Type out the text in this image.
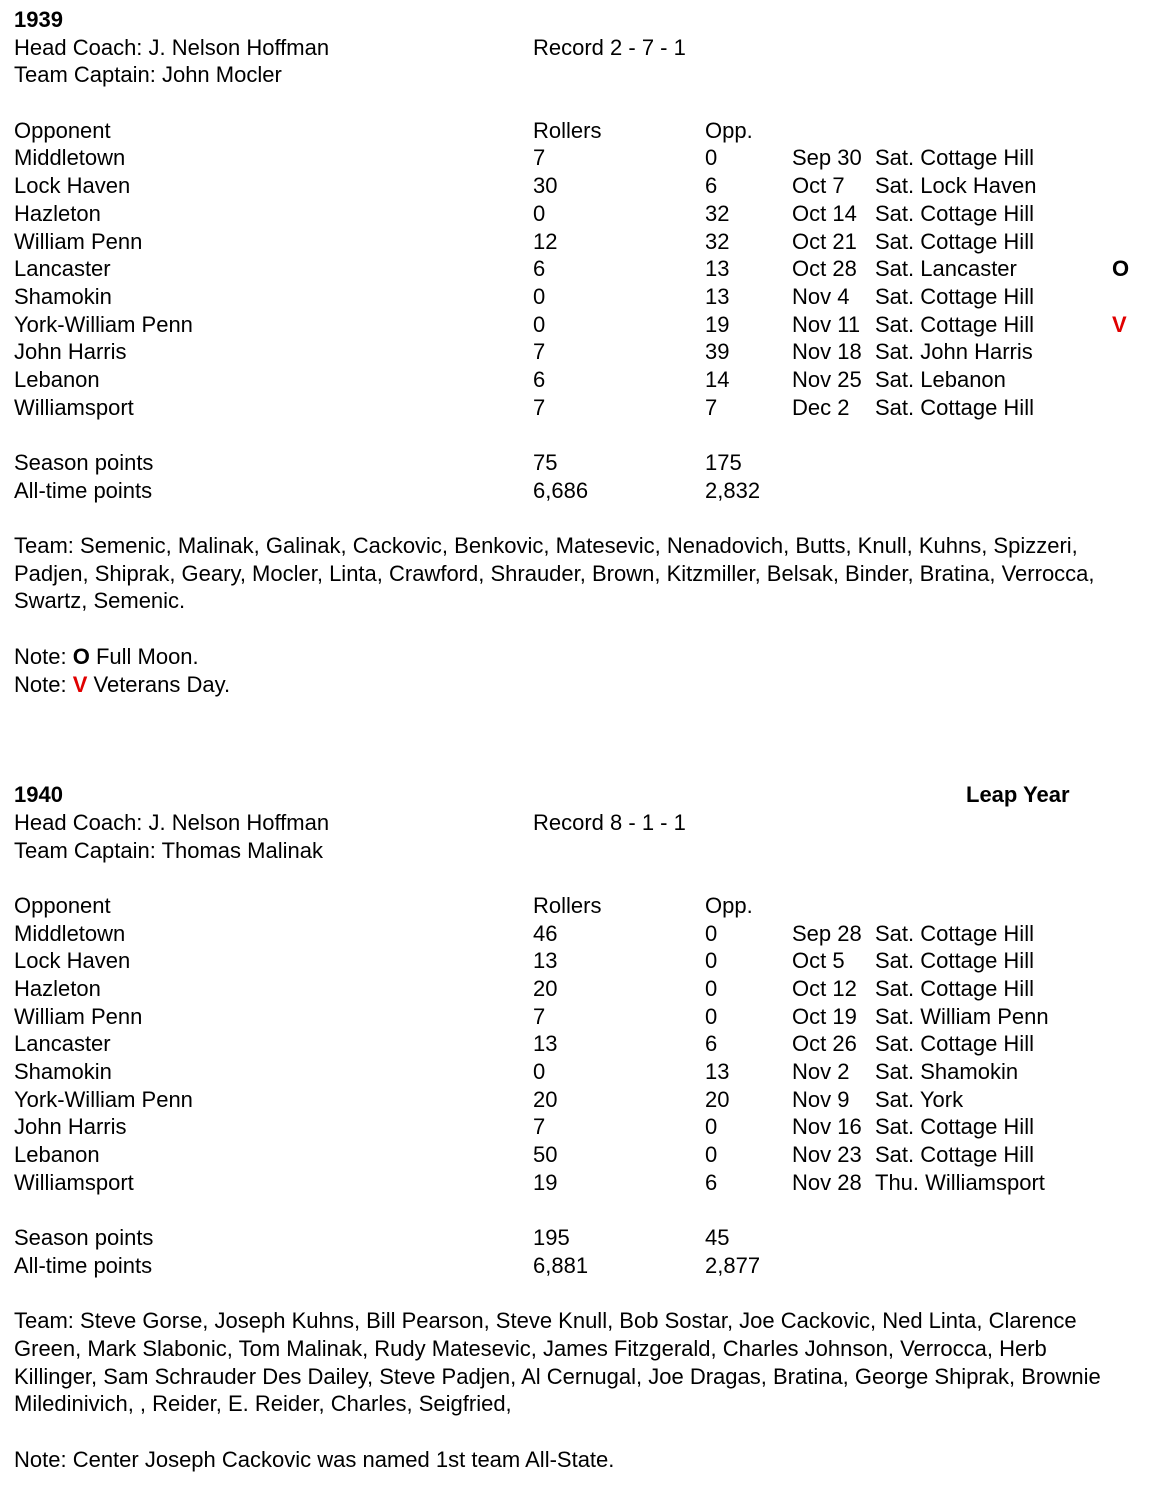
1939
Head Coach: J. Nelson Hoffman	Record 2 - 7 - 1
Team Captain: John Mocler
Opponent	Rollers	Opp.
Middletown	7	0	Sep 30 Sat. Cottage Hill
Lock Haven	30	6	Oct 7 Sat. Lock Haven
Hazleton	0	32	Oct 14 Sat. Cottage Hill
William Penn	12	32	Oct 21 Sat. Cottage Hill
Lancaster	6	13	Oct 28 Sat. Lancaster	O
Shamokin	0	13	Nov 4 Sat. Cottage Hill
York-William Penn	0	19	Nov 11 Sat. Cottage Hill	V
John Harris	7	39	Nov 18 Sat. John Harris
Lebanon	6	14	Nov 25 Sat. Lebanon
Williamsport	7	7	Dec 2 Sat. Cottage Hill
Season points	75	175
All-time points	6,686	2,832
Team: Semenic, Malinak, Galinak, Cackovic, Benkovic, Matesevic, Nenadovich, Butts, Knull, Kuhns, Spizzeri, Padjen, Shiprak, Geary, Mocler, Linta, Crawford, Shrauder, Brown, Kitzmiller, Belsak, Binder, Bratina, Verrocca, Swartz, Semenic.
Note: O Full Moon.
Note: V Veterans Day.
1940	Leap Year
Head Coach: J. Nelson Hoffman	Record 8 - 1 - 1
Team Captain: Thomas Malinak
Opponent	Rollers	Opp.
Middletown	46	0	Sep 28 Sat. Cottage Hill
Lock Haven	13	0	Oct 5 Sat. Cottage Hill
Hazleton	20	0	Oct 12 Sat. Cottage Hill
William Penn	7	0	Oct 19 Sat. William Penn
Lancaster	13	6	Oct 26 Sat. Cottage Hill
Shamokin	0	13	Nov 2 Sat. Shamokin
York-William Penn	20	20	Nov 9 Sat. York
John Harris	7	0	Nov 16 Sat. Cottage Hill
Lebanon	50	0	Nov 23 Sat. Cottage Hill
Williamsport	19	6	Nov 28 Thu. Williamsport
Season points	195	45
All-time points	6,881	2,877
Team: Steve Gorse, Joseph Kuhns, Bill Pearson, Steve Knull, Bob Sostar, Joe Cackovic, Ned Linta, Clarence Green, Mark Slabonic, Tom Malinak, Rudy Matesevic, James Fitzgerald, Charles Johnson, Verrocca, Herb Killinger, Sam Schrauder Des Dailey, Steve Padjen, Al Cernugal, Joe Dragas, Bratina, George Shiprak, Brownie Miledinivich, , Reider, E. Reider, Charles, Seigfried,
Note: Center Joseph Cackovic was named 1st team All-State.
